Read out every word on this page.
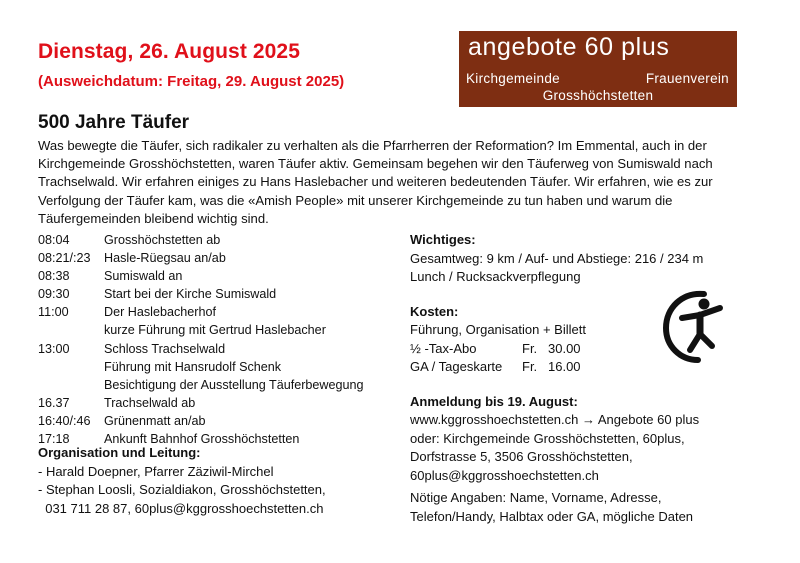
Dienstag, 26. August 2025
(Ausweichdatum: Freitag, 29. August 2025)
angebote 60 plus
Kirchgemeinde	Frauenverein
Grosshöchstetten
500 Jahre Täufer
Was bewegte die Täufer, sich radikaler zu verhalten als die Pfarrherren der Reformation? Im Emmental, auch in der Kirchgemeinde Grosshöchstetten, waren Täufer aktiv. Gemeinsam begehen wir den Täuferweg von Sumiswald nach Trachselwald. Wir erfahren einiges zu Hans Haslebacher und weiteren bedeutenden Täufer. Wir erfahren, wie es zur Verfolgung der Täufer kam, was die «Amish People» mit unserer Kirchgemeinde zu tun haben und warum die Täufergemeinden bleibend wichtig sind.
08:04	Grosshöchstetten ab
08:21/:23	Hasle-Rüegsau an/ab
08:38	Sumiswald an
09:30	Start bei der Kirche Sumiswald
11:00	Der Haslebacherhof
kurze Führung mit Gertrud Haslebacher
13:00	Schloss Trachselwald
Führung mit Hansrudolf Schenk
Besichtigung der Ausstellung Täuferbewegung
16.37	Trachselwald ab
16:40/:46	Grünenmatt an/ab
17:18	Ankunft Bahnhof Grosshöchstetten
Organisation und Leitung:
- Harald Doepner, Pfarrer Zäziwil-Mirchel
- Stephan Loosli, Sozialdiakon, Grosshöchstetten,
031 711 28 87, 60plus@kggrosshoechstetten.ch
Wichtiges:
Gesamtweg: 9 km / Auf- und Abstiege: 216 / 234 m
Lunch / Rucksackverpflegung
Kosten:
Führung, Organisation + Billett
½ -Tax-Abo	Fr. 30.00
GA / Tageskarte	Fr. 16.00
Anmeldung bis 19. August:
www.kggrosshoechstetten.ch → Angebote 60 plus
oder: Kirchgemeinde Grosshöchstetten, 60plus,
Dorfstrasse 5, 3506 Grosshöchstetten,
60plus@kggrosshoechstetten.ch
Nötige Angaben: Name, Vorname, Adresse,
Telefon/Handy, Halbtax oder GA, mögliche Daten
